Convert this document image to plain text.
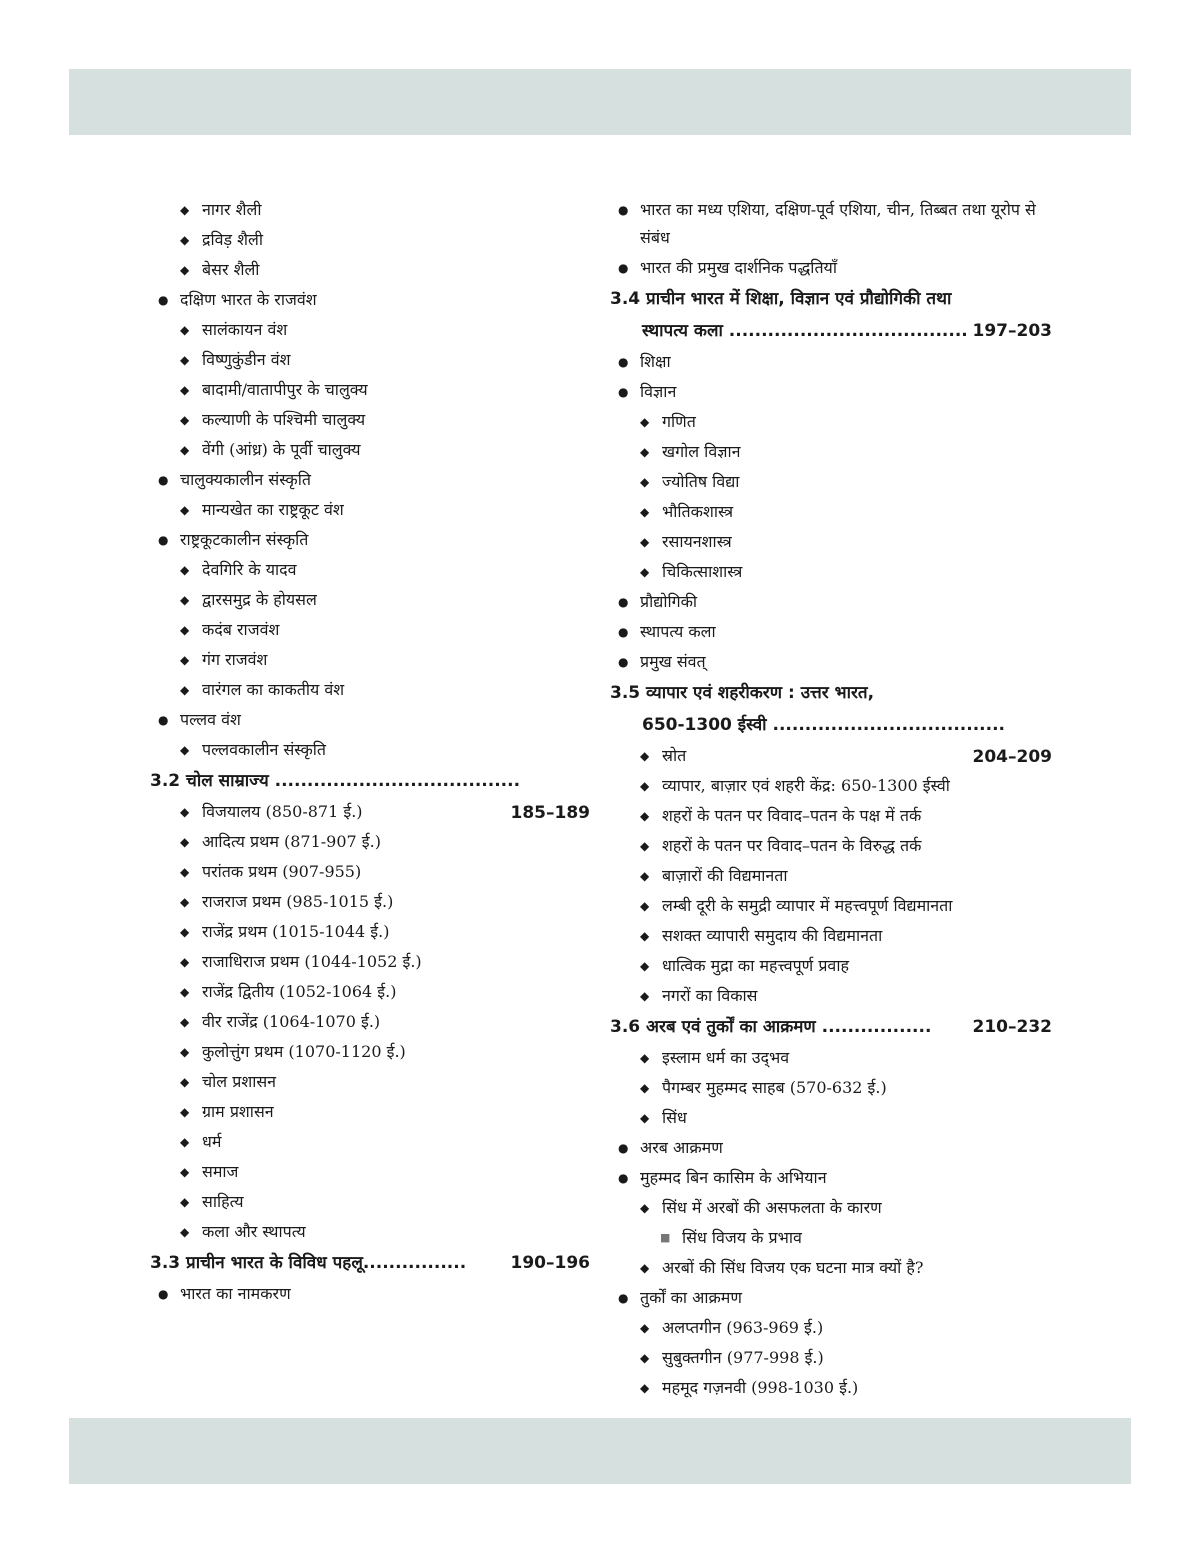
◆ नागर शैली
◆ द्रविड़ शैली
◆ बेसर शैली
● दक्षिण भारत के राजवंश
◆ सालंकायन वंश
◆ विष्णुकुंडीन वंश
◆ बादामी/वातापीपुर के चालुक्य
◆ कल्याणी के पश्चिमी चालुक्य
◆ वेंगी (आंध्र) के पूर्वी चालुक्य
● चालुक्यकालीन संस्कृति
◆ मान्यखेत का राष्ट्रकूट वंश
● राष्ट्रकूटकालीन संस्कृति
◆ देवगिरि के यादव
◆ द्वारसमुद्र के होयसल
◆ कदंब राजवंश
◆ गंग राजवंश
◆ वारंगल का काकतीय वंश
● पल्लव वंश
◆ पल्लवकालीन संस्कृति
3.2 चोल साम्राज्य ......................................
185–189
◆ विजयालय (850-871 ई.)
◆ आदित्य प्रथम (871-907 ई.)
◆ परांतक प्रथम (907-955)
◆ राजराज प्रथम (985-1015 ई.)
◆ राजेंद्र प्रथम (1015-1044 ई.)
◆ राजाधिराज प्रथम (1044-1052 ई.)
◆ राजेंद्र द्वितीय (1052-1064 ई.)
◆ वीर राजेंद्र (1064-1070 ई.)
◆ कुलोत्तुंग प्रथम (1070-1120 ई.)
◆ चोल प्रशासन
◆ ग्राम प्रशासन
◆ धर्म
◆ समाज
◆ साहित्य
◆ कला और स्थापत्य
3.3 प्राचीन भारत के विविध पहलू................	190–196
● भारत का नामकरण
● भारत का मध्य एशिया, दक्षिण-पूर्व एशिया, चीन, तिब्बत तथा यूरोप से संबंध
● भारत की प्रमुख दार्शनिक पद्धतियाँ
3.4 प्राचीन भारत में शिक्षा, विज्ञान एवं प्रौद्योगिकी तथा
स्थापत्य कला ..................................... 197–203
● शिक्षा
● विज्ञान
◆ गणित
◆ खगोल विज्ञान
◆ ज्योतिष विद्या
◆ भौतिकशास्त्र
◆ रसायनशास्त्र
◆ चिकित्साशास्त्र
● प्रौद्योगिकी
● स्थापत्य कला
● प्रमुख संवत्
3.5 व्यापार एवं शहरीकरण : उत्तर भारत,
650-1300 ईस्वी ....................................
204–209
◆ स्रोत
◆ व्यापार, बाज़ार एवं शहरी केंद्र: 650-1300 ईस्वी
◆ शहरों के पतन पर विवाद–पतन के पक्ष में तर्क
◆ शहरों के पतन पर विवाद–पतन के विरुद्ध तर्क
◆ बाज़ारों की विद्यमानता
◆ लम्बी दूरी के समुद्री व्यापार में महत्त्वपूर्ण विद्यमानता
◆ सशक्त व्यापारी समुदाय की विद्यमानता
◆ धात्विक मुद्रा का महत्त्वपूर्ण प्रवाह
◆ नगरों का विकास
3.6 अरब एवं तुर्कों का आक्रमण ................. 210–232
◆ इस्लाम धर्म का उद्‌भव
◆ पैगम्बर मुहम्मद साहब (570-632 ई.)
◆ सिंध
● अरब आक्रमण
● मुहम्मद बिन कासिम के अभियान
◆ सिंध में अरबों की असफलता के कारण
■ सिंध विजय के प्रभाव
◆ अरबों की सिंध विजय एक घटना मात्र क्यों है?
● तुर्कों का आक्रमण
◆ अलप्तगीन (963-969 ई.)
◆ सुबुक्तगीन (977-998 ई.)
◆ महमूद गज़नवी (998-1030 ई.)
